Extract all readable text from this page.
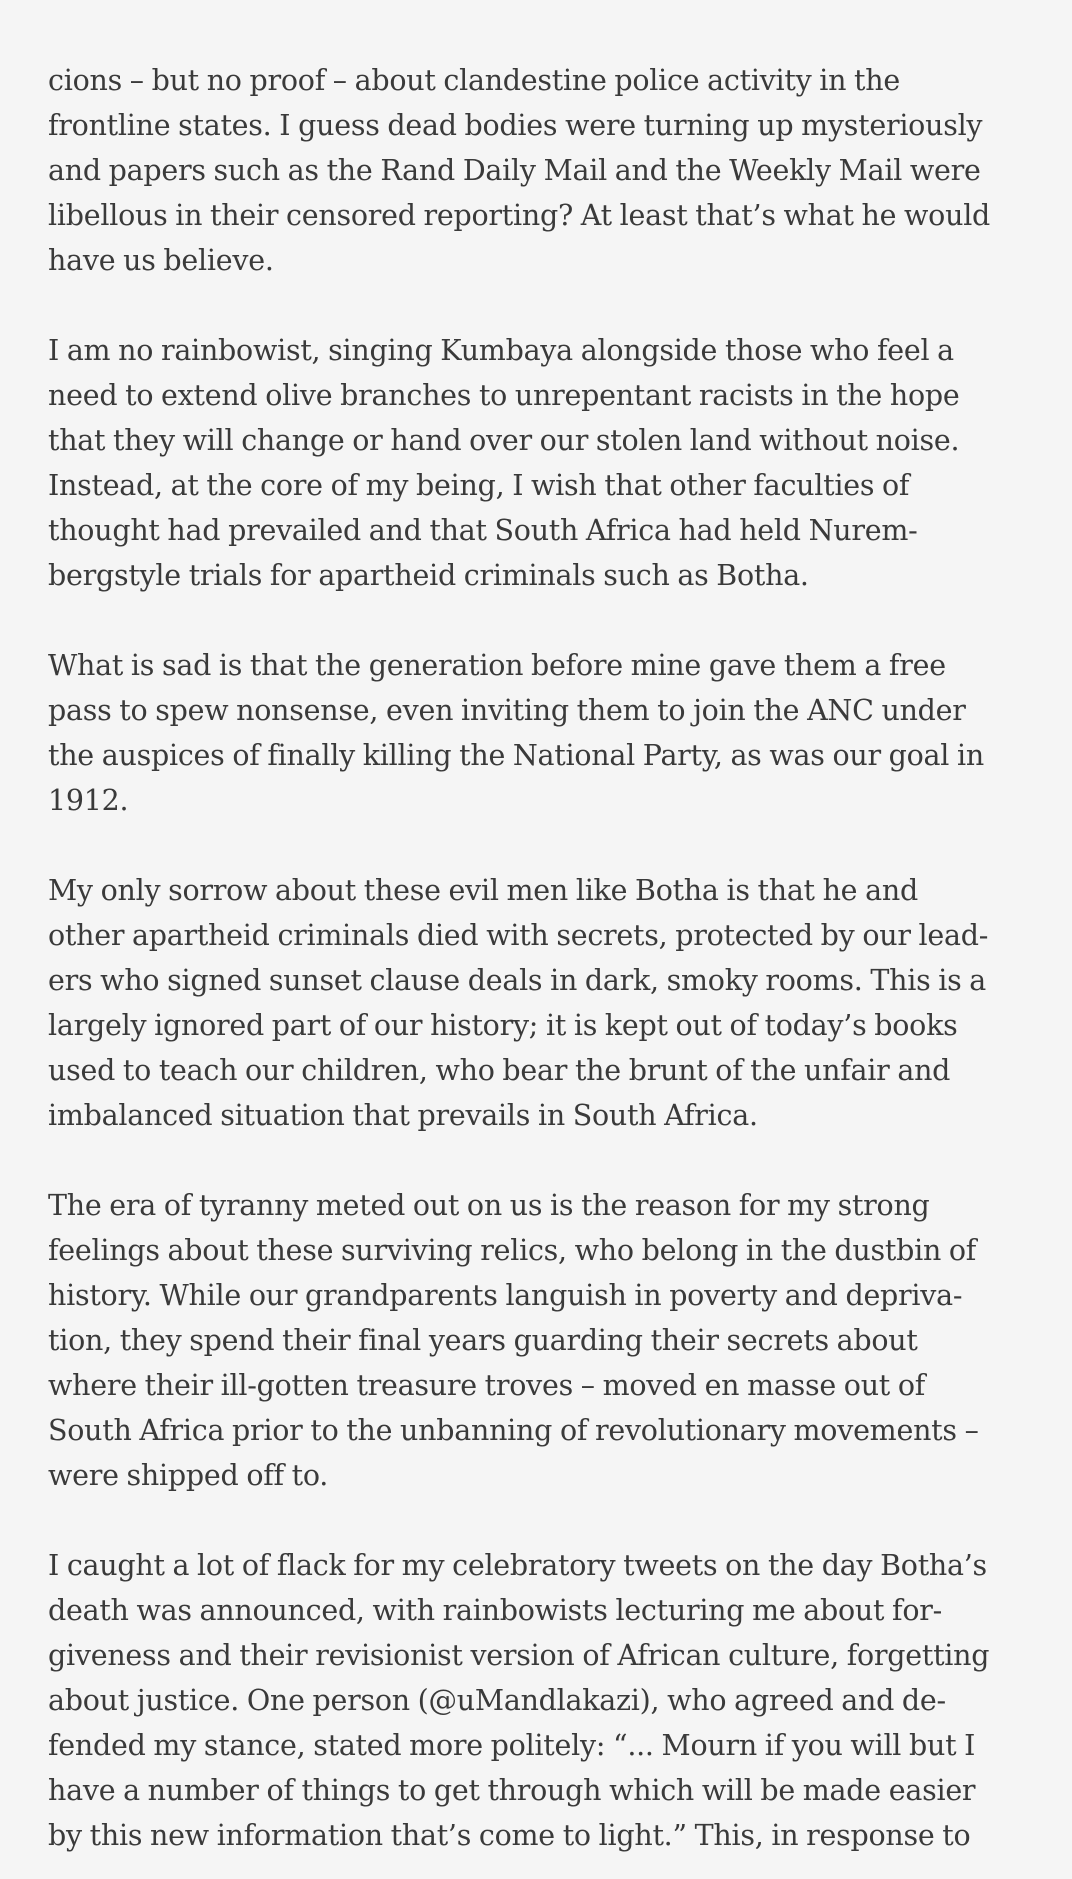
cions – but no proof – about clandestine police activity in the
frontline states. I guess dead bodies were turning up mysteriously
and papers such as the Rand Daily Mail and the Weekly Mail were
libellous in their censored reporting? At least that’s what he would
have us believe.

I am no rainbowist, singing Kumbaya alongside those who feel a
need to extend olive branches to unrepentant racists in the hope
that they will change or hand over our stolen land without noise.
Instead, at the core of my being, I wish that other faculties of
thought had prevailed and that South Africa had held Nurem-
bergstyle trials for apartheid criminals such as Botha.

What is sad is that the generation before mine gave them a free
pass to spew nonsense, even inviting them to join the ANC under
the auspices of finally killing the National Party, as was our goal in
1912.

My only sorrow about these evil men like Botha is that he and
other apartheid criminals died with secrets, protected by our lead-
ers who signed sunset clause deals in dark, smoky rooms. This is a
largely ignored part of our history; it is kept out of today’s books
used to teach our children, who bear the brunt of the unfair and
imbalanced situation that prevails in South Africa.

The era of tyranny meted out on us is the reason for my strong
feelings about these surviving relics, who belong in the dustbin of
history. While our grandparents languish in poverty and depriva-
tion, they spend their final years guarding their secrets about
where their ill-gotten treasure troves – moved en masse out of
South Africa prior to the unbanning of revolutionary movements –
were shipped off to.

I caught a lot of flack for my celebratory tweets on the day Botha’s
death was announced, with rainbowists lecturing me about for-
giveness and their revisionist version of African culture, forgetting
about justice. One person (@uMandlakazi), who agreed and de-
fended my stance, stated more politely: “... Mourn if you will but I
have a number of things to get through which will be made easier
by this new information that’s come to light.” This, in response to
